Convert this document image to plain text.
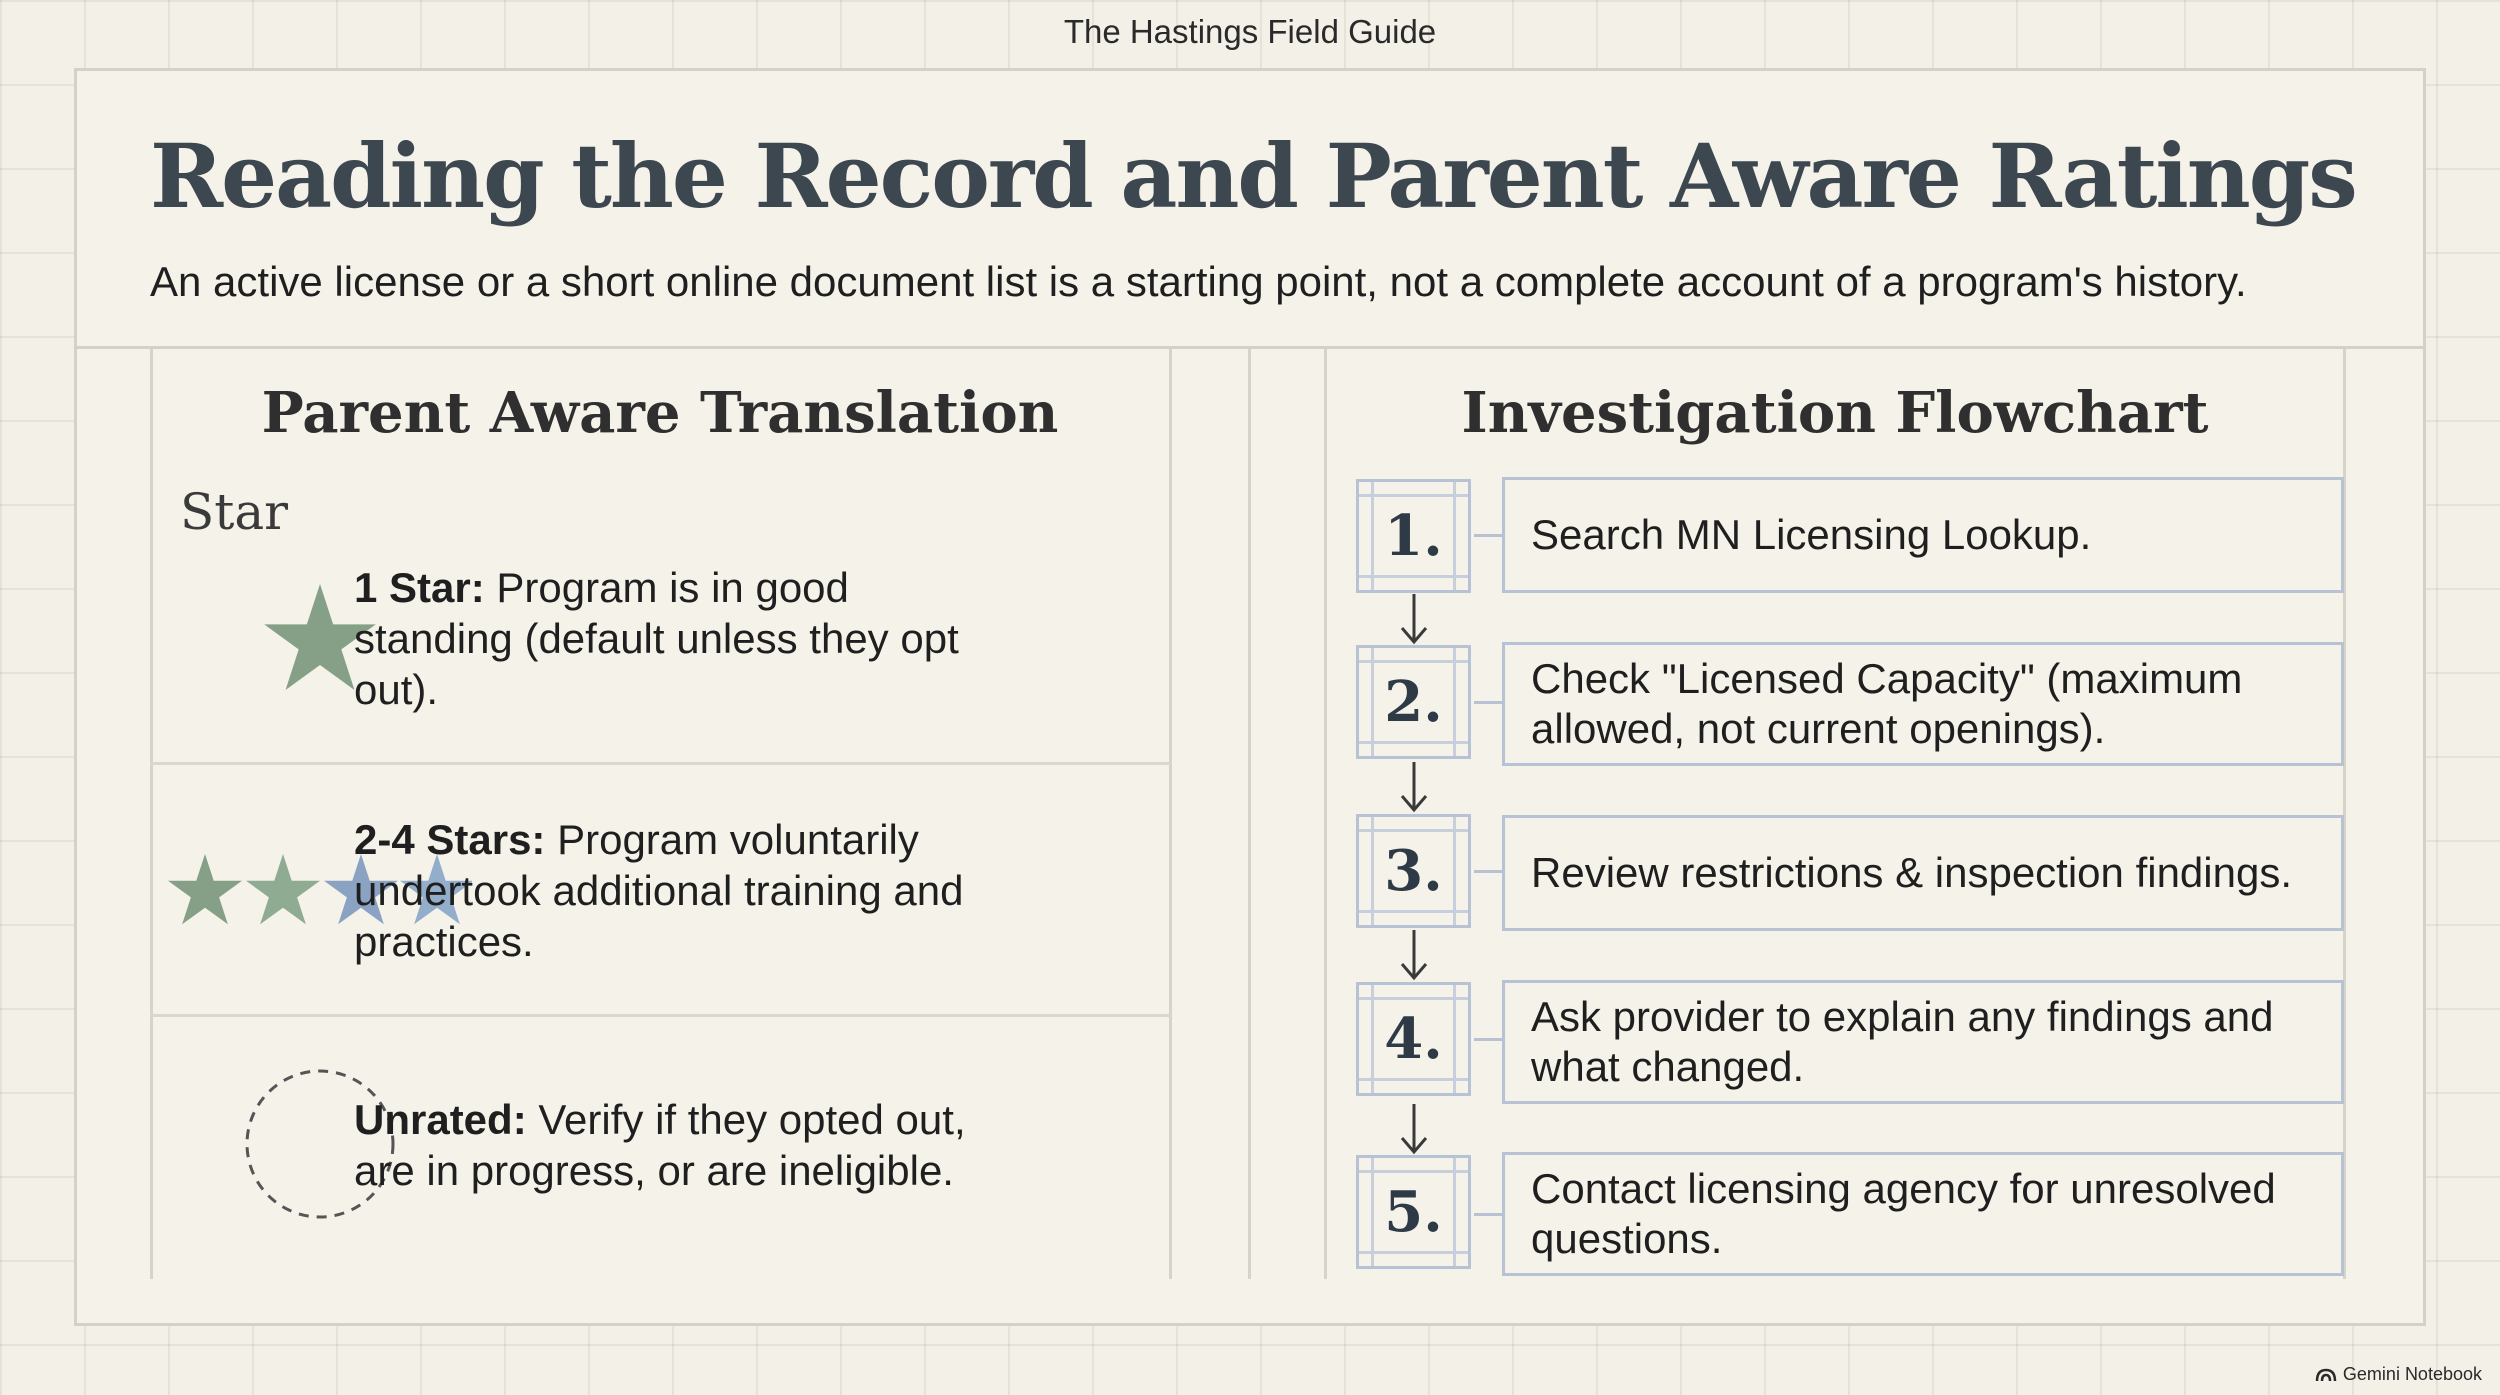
The Hastings Field Guide
Reading the Record and Parent Aware Ratings
An active license or a short online document list is a starting point, not a complete account of a program's history.
Parent Aware Translation
Star
1 Star: Program is in good standing (default unless they opt out).
2-4 Stars: Program voluntarily undertook additional training and practices.
Unrated: Verify if they opted out, are in progress, or are ineligible.
Investigation Flowchart
1.	Search MN Licensing Lookup.
2.	Check "Licensed Capacity" (maximum allowed, not current openings).
3.	Review restrictions & inspection findings.
4.	Ask provider to explain any findings and what changed.
5.	Contact licensing agency for unresolved questions.
Gemini Notebook
